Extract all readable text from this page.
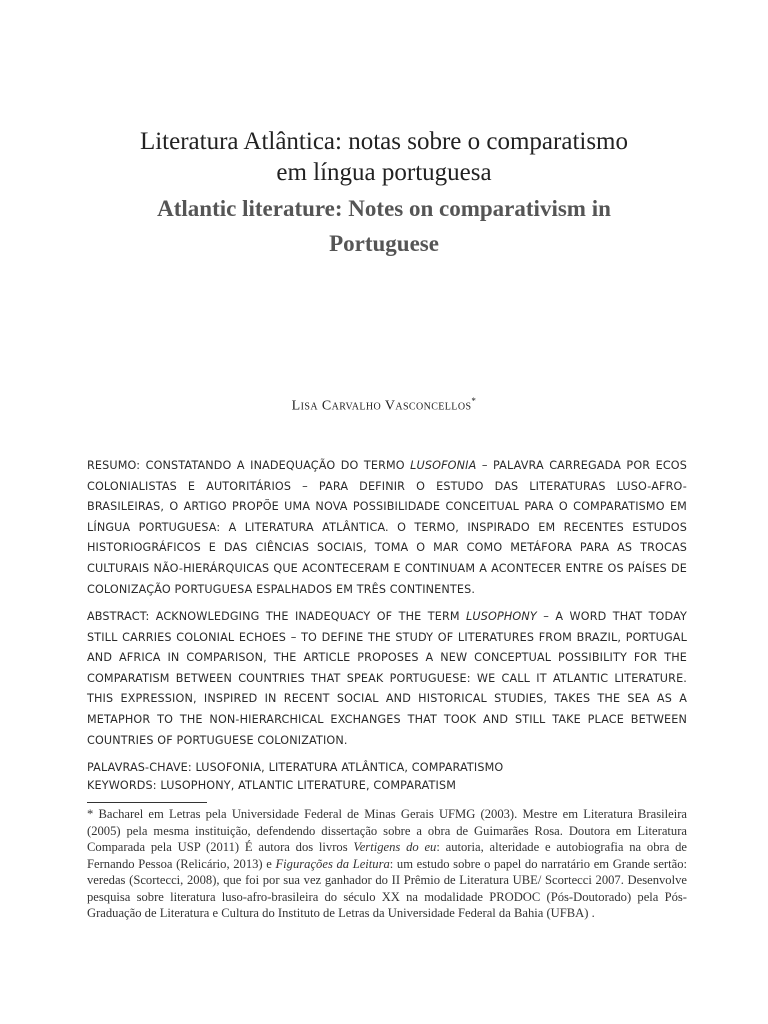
Literatura Atlântica: notas sobre o comparatismo
em língua portuguesa
Atlantic literature: Notes on comparativism in
Portuguese
Lisa Carvalho Vasconcellos*

RESUMO: CONSTATANDO A INADEQUAÇÃO DO TERMO LUSOFONIA – PALAVRA CARREGADA POR ECOS COLONIALISTAS E AUTORITÁRIOS – PARA DEFINIR O ESTUDO DAS LITERATURAS LUSO-AFRO-BRASILEIRAS, O ARTIGO PROPÕE UMA NOVA POSSIBILIDADE CONCEITUAL PARA O COMPARATISMO EM LÍNGUA PORTUGUESA: A LITERATURA ATLÂNTICA. O TERMO, INSPIRADO EM RECENTES ESTUDOS HISTORIOGRÁFICOS E DAS CIÊNCIAS SOCIAIS, TOMA O MAR COMO METÁFORA PARA AS TROCAS CULTURAIS NÃO-HIERÁRQUICAS QUE ACONTECERAM E CONTINUAM A ACONTECER ENTRE OS PAÍSES DE COLONIZAÇÃO PORTUGUESA ESPALHADOS EM TRÊS CONTINENTES.

ABSTRACT: ACKNOWLEDGING THE INADEQUACY OF THE TERM LUSOPHONY – A WORD THAT TODAY STILL CARRIES COLONIAL ECHOES – TO DEFINE THE STUDY OF LITERATURES FROM BRAZIL, PORTUGAL AND AFRICA IN COMPARISON, THE ARTICLE PROPOSES A NEW CONCEPTUAL POSSIBILITY FOR THE COMPARATISM BETWEEN COUNTRIES THAT SPEAK PORTUGUESE: WE CALL IT ATLANTIC LITERATURE. THIS EXPRESSION, INSPIRED IN RECENT SOCIAL AND HISTORICAL STUDIES, TAKES THE SEA AS A METAPHOR TO THE NON-HIERARCHICAL EXCHANGES THAT TOOK AND STILL TAKE PLACE BETWEEN COUNTRIES OF PORTUGUESE COLONIZATION.

PALAVRAS-CHAVE: LUSOFONIA, LITERATURA ATLÂNTICA, COMPARATISMO
KEYWORDS: LUSOPHONY, ATLANTIC LITERATURE, COMPARATISM

* Bacharel em Letras pela Universidade Federal de Minas Gerais UFMG (2003). Mestre em Literatura Brasileira (2005) pela mesma instituição, defendendo dissertação sobre a obra de Guimarães Rosa. Doutora em Literatura Comparada pela USP (2011) É autora dos livros Vertigens do eu: autoria, alteridade e autobiografia na obra de Fernando Pessoa (Relicário, 2013) e Figurações da Leitura: um estudo sobre o papel do narratário em Grande sertão: veredas (Scortecci, 2008), que foi por sua vez ganhador do II Prêmio de Literatura UBE/ Scortecci 2007. Desenvolve pesquisa sobre literatura luso-afro-brasileira do século XX na modalidade PRODOC (Pós-Doutorado) pela Pós-Graduação de Literatura e Cultura do Instituto de Letras da Universidade Federal da Bahia (UFBA) .
